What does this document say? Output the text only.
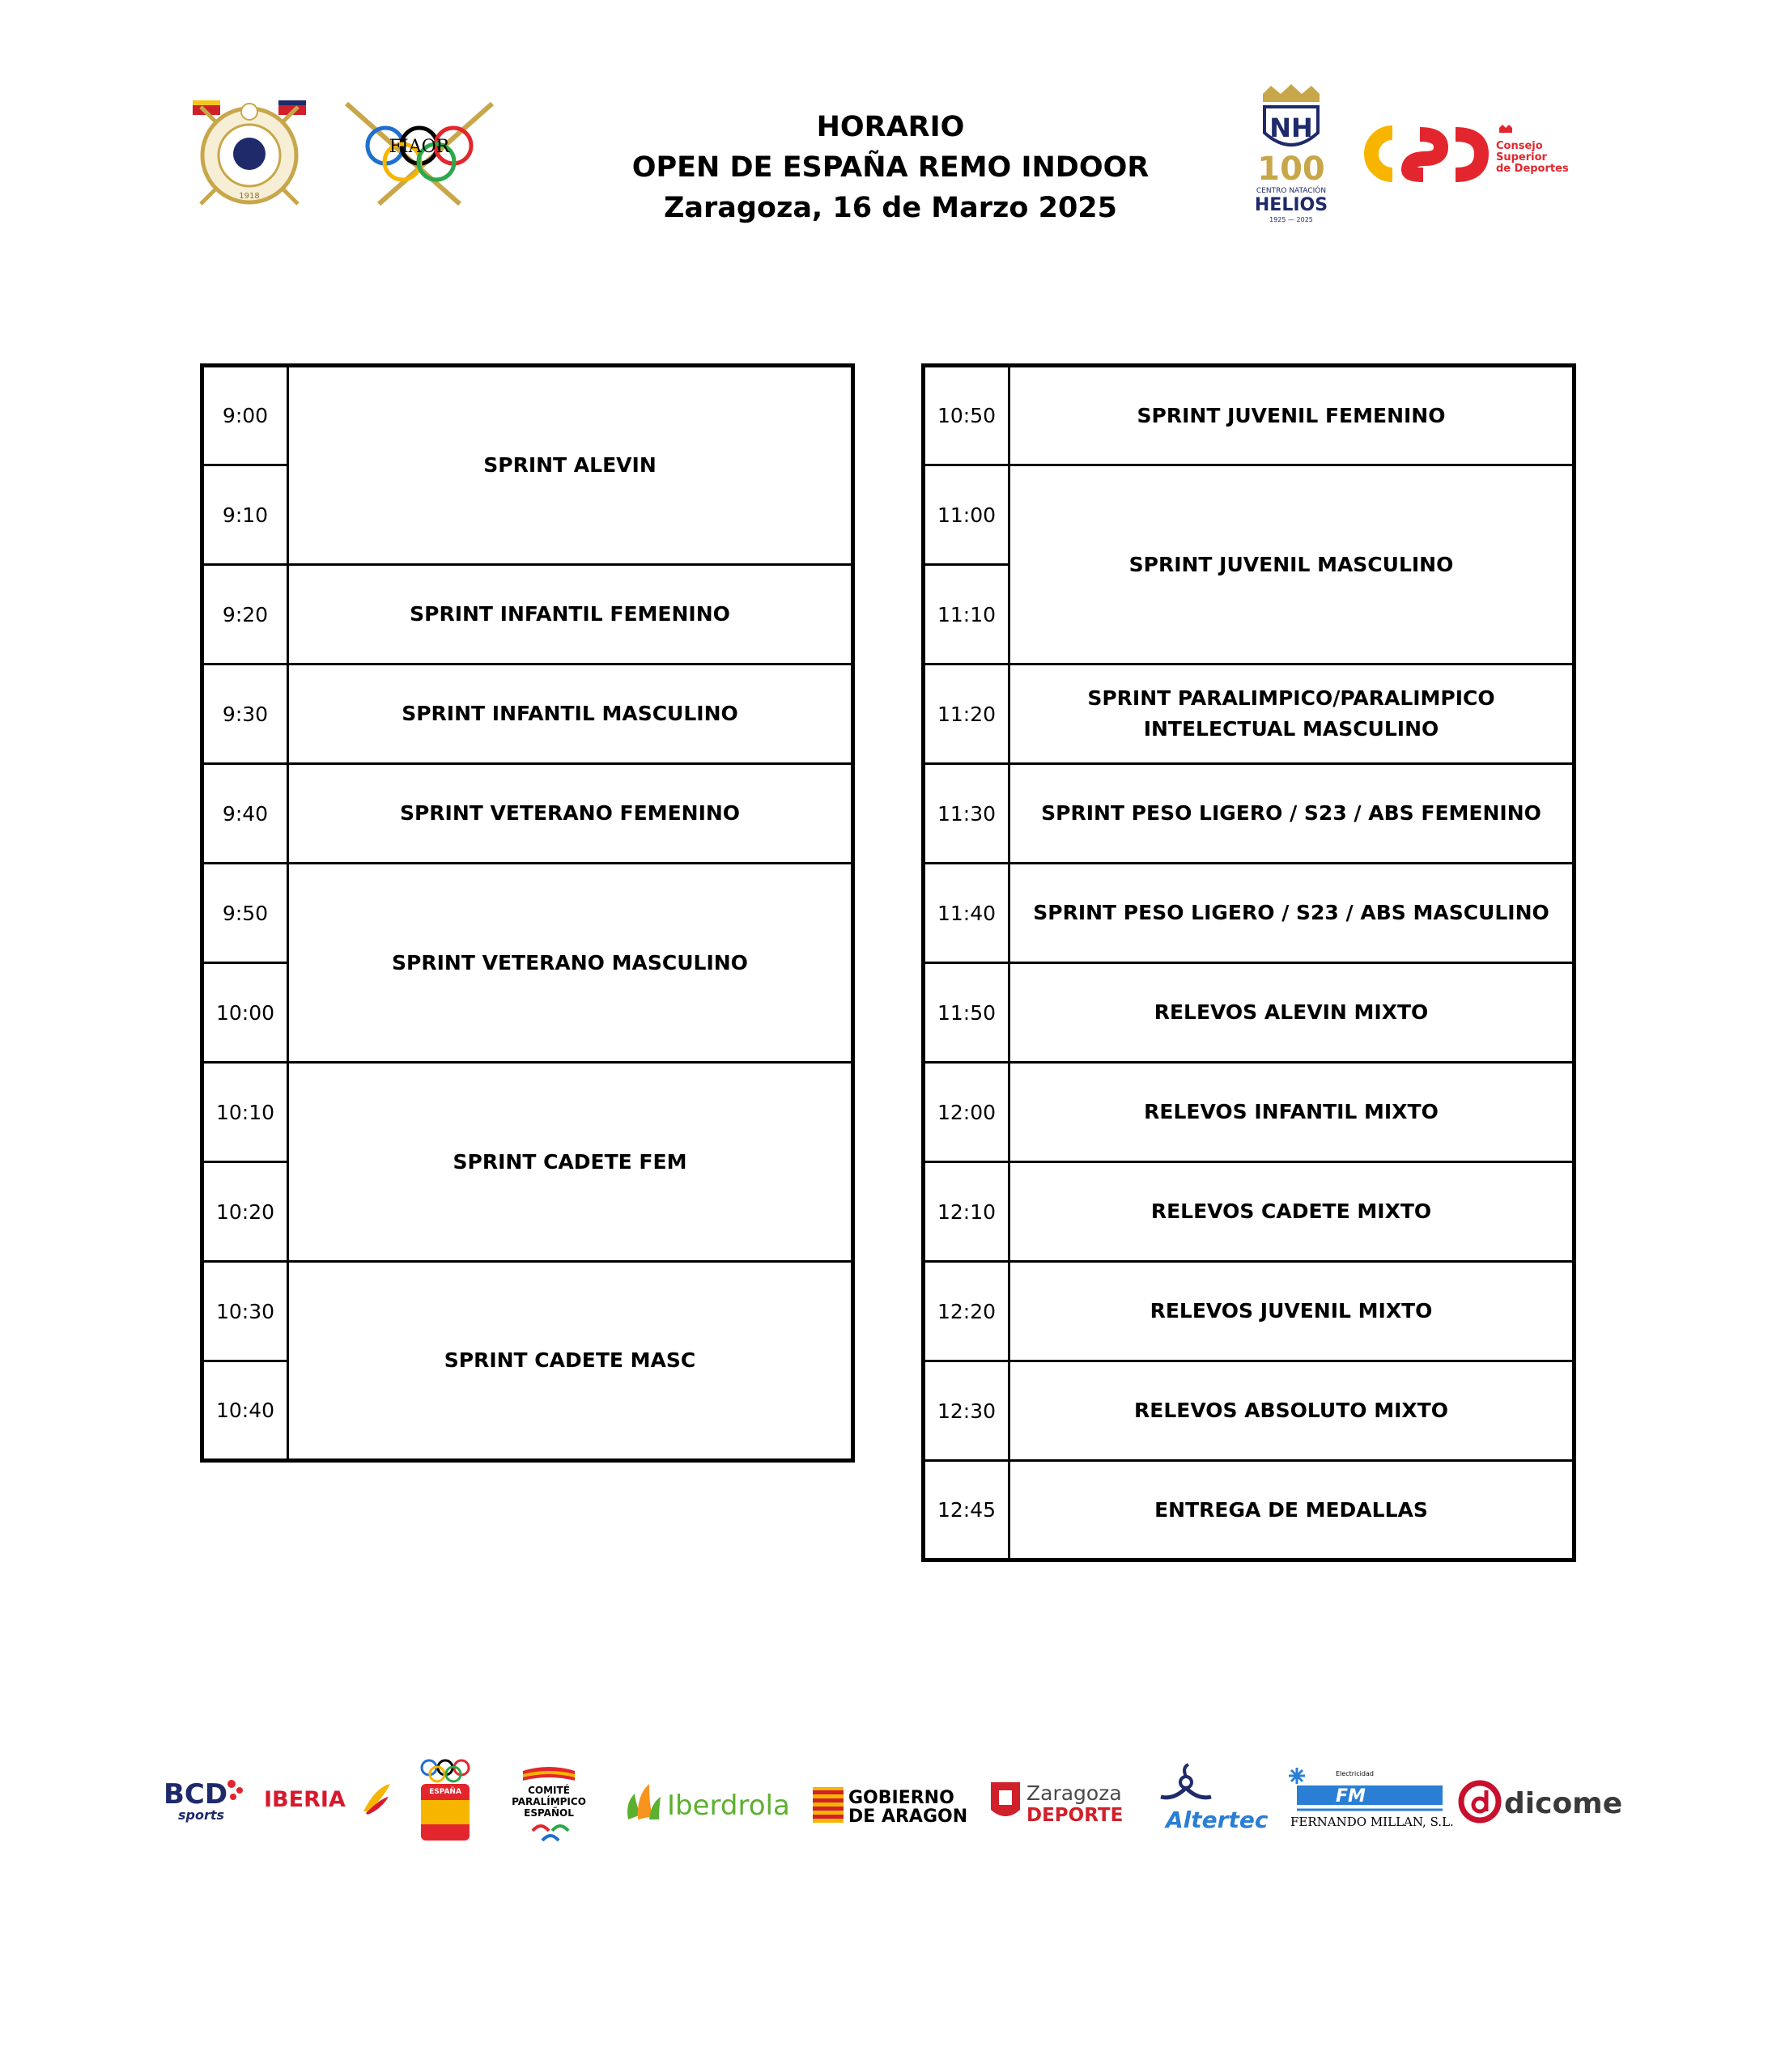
1918
FIAOR
HORARIO
OPEN DE ESPAÑA REMO INDOOR
Zaragoza, 16 de Marzo 2025
NH
100
CENTRO NATACIÓN
HELIOS
1925 — 2025
Consejo
Superior
de Deportes
9:00	SPRINT ALEVIN
9:10	
9:20	SPRINT INFANTIL FEMENINO
9:30	SPRINT INFANTIL MASCULINO
9:40	SPRINT VETERANO FEMENINO
9:50	SPRINT VETERANO MASCULINO
10:00	
10:10	SPRINT CADETE FEM
10:20	
10:30	SPRINT CADETE MASC
10:40	
10:50	SPRINT JUVENIL FEMENINO
11:00	SPRINT JUVENIL MASCULINO
11:10	
11:20	SPRINT PARALIMPICO/PARALIMPICO INTELECTUAL MASCULINO
11:30	SPRINT PESO LIGERO / S23 / ABS FEMENINO
11:40	SPRINT PESO LIGERO / S23 / ABS MASCULINO
11:50	RELEVOS ALEVIN MIXTO
12:00	RELEVOS INFANTIL MIXTO
12:10	RELEVOS CADETE MIXTO
12:20	RELEVOS JUVENIL MIXTO
12:30	RELEVOS ABSOLUTO MIXTO
12:45	ENTREGA DE MEDALLAS
BCD
sports
IBERIA	ESPAÑA	COMITÉ
PARALÍMPICO
ESPAÑOL	Iberdrola	GOBIERNO
DE ARAGON
Zaragoza
DEPORTE Altertec
Electricidad
FM
FERNANDO MILLAN, S.L.
dicome
